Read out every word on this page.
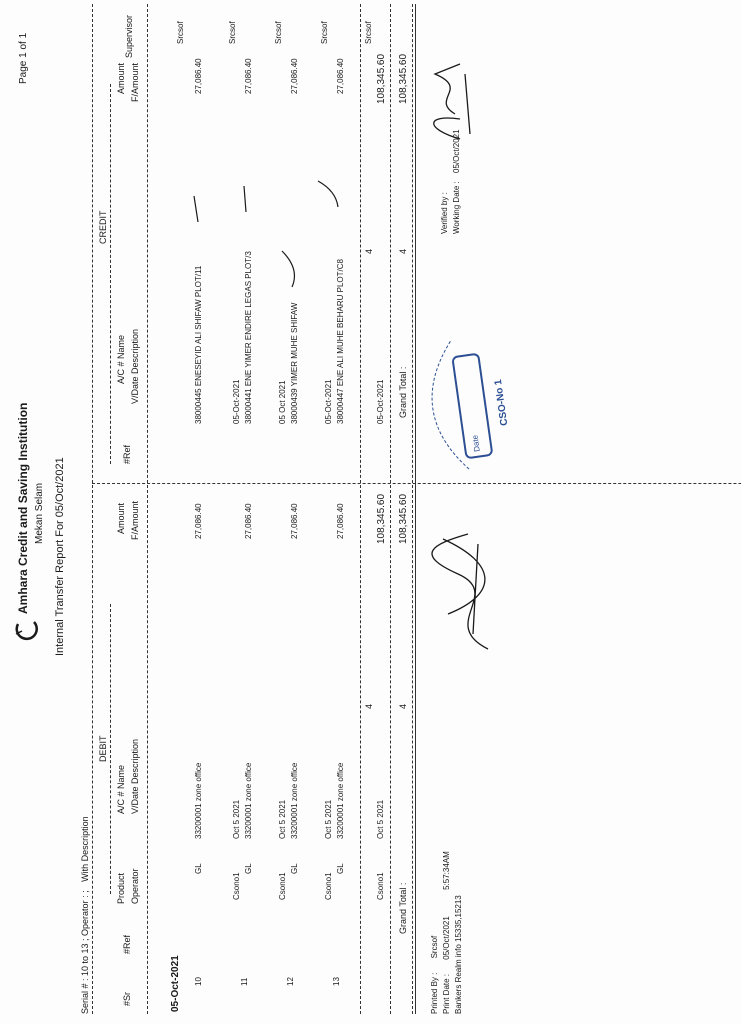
Amhara Credit and Saving Institution Mekan Selam Internal Transfer Report For 05/Oct/2021
Page 1 of 1
Serial # : 10 to 13 ; Operator : ; With Description
DEBIT
CREDIT
#Sr
#Ref
Product Operator
A/C # Name V/Date Description
Amount F/Amount
#Ref
A/C # Name V/Date Description
Amount F/Amount
Supervisor
05-Oct-2021 10
GL
33200001 zone office
27,086.40
11
Csono1
GL
Oct 5 2021 33200001 zone office
27,086.40
12
Csono1
GL
Oct 5 2021 33200001 zone office
27,086.40
13
Csono1
GL
Oct 5 2021 33200001 zone office
27,086.40
Csono1
Oct 5 2021
38000445 ENESEYID ALI SHIFAW PLOT/11
27,086.40
Srcsof
05-Oct-2021 38000441 ENE YIMER ENDIRE LEGAS PLOT/3
27,086.40
Srcsof
05 Oct 2021 38000439 YIMER MUHE SHIFAW
27,086.40
Srcsof
05-Oct-2021 38000447 ENE ALI MUHE BEHARU PLOT/C8
27,086.40
Srcsof
05-Oct-2021
Srcsof
4
108,345.60
4
108,345.60
Grand Total :
4
108,345.60
Grand Total :
4
108,345.60
Printed By : Srcsof
Print Date : 05/Oct/2021 5:57:34AM
Bankers Realm info 15335,15213
Verified by : Working Date : 05/Oct/2021
Date
CSO-No 1
